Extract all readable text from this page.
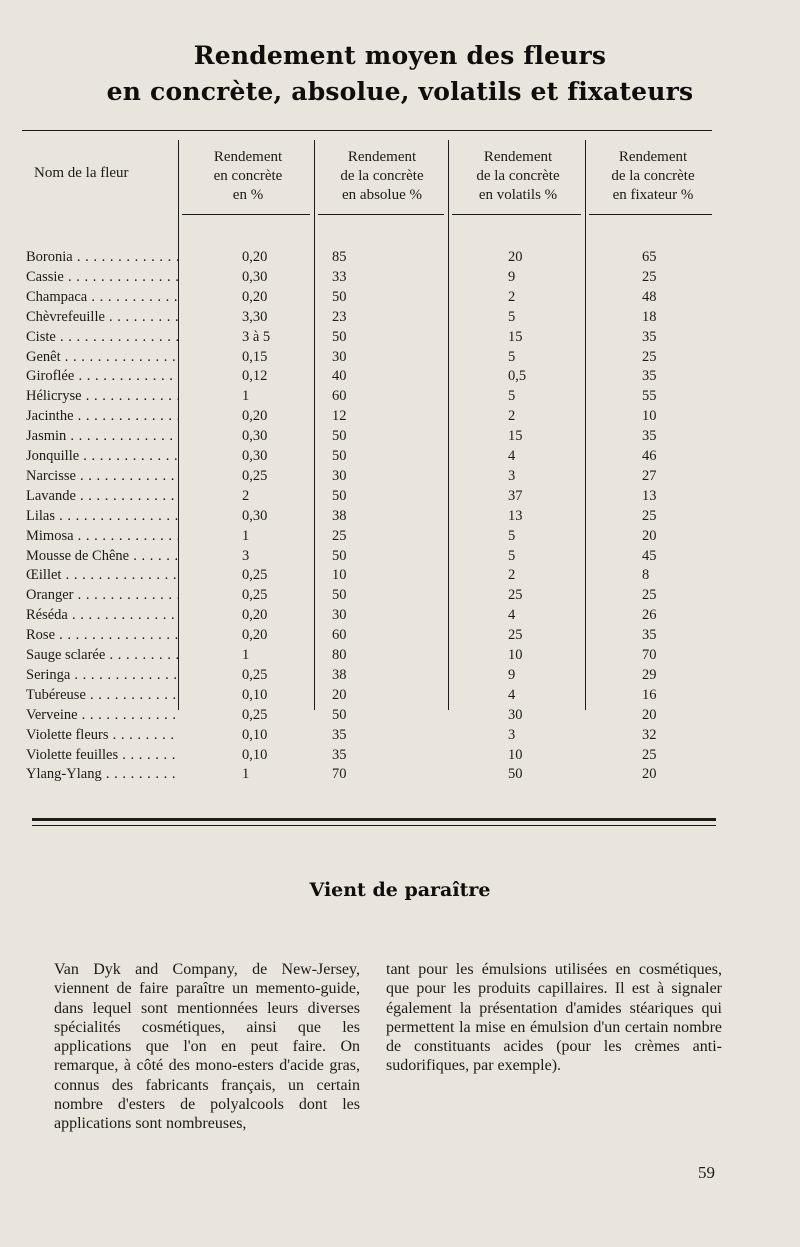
Rendement moyen des fleurs
en concrète, absolue, volatils et fixateurs
Nom de la fleur
Rendement
en concrète
en %
Rendement
de la concrète
en absolue %
Rendement
de la concrète
en volatils %
Rendement
de la concrète
en fixateur %
Boronia . . .	0,20	85	20	65
Cassie . . .	0,30	33	9	25
Champaca . . .	0,20	50	2	48
Chèvrefeuille . . .	3,30	23	5	18
Ciste . . .	3 à 5	50	15	35
Genêt . . .	0,15	30	5	25
Giroflée . . .	0,12	40	0,5	35
Hélicryse . . .	1	60	5	55
Jacinthe . . .	0,20	12	2	10
Jasmin . . .	0,30	50	15	35
Jonquille . . .	0,30	50	4	46
Narcisse . . .	0,25	30	3	27
Lavande . . .	2	50	37	13
Lilas . . .	0,30	38	13	25
Mimosa . . .	1	25	5	20
Mousse de Chêne . . .	3	50	5	45
Œillet . . .	0,25	10	2	8
Oranger . . .	0,25	50	25	25
Réséda . . .	0,20	30	4	26
Rose . . .	0,20	60	25	35
Sauge sclarée . . .	1	80	10	70
Seringa . . .	0,25	38	9	29
Tubéreuse . . .	0,10	20	4	16
Verveine . . .	0,25	50	30	20
Violette fleurs . . .	0,10	35	3	32
Violette feuilles . . .	0,10	35	10	25
Ylang-Ylang . . .	1	70	50	20
Vient de paraître
Van Dyk and Company, de New-Jersey, viennent de faire paraître un memento-guide, dans lequel sont mentionnées leurs diverses spécialités cosmétiques, ainsi que les applications que l'on en peut faire. On remarque, à côté des mono-esters d'acide gras, connus des fabricants français, un certain nombre d'esters de polyalcools dont les applications sont nombreuses,
tant pour les émulsions utilisées en cosmétiques, que pour les produits capillaires. Il est à signaler également la présentation d'amides stéariques qui permettent la mise en émulsion d'un certain nombre de constituants acides (pour les crèmes anti-sudorifiques, par exemple).
59
